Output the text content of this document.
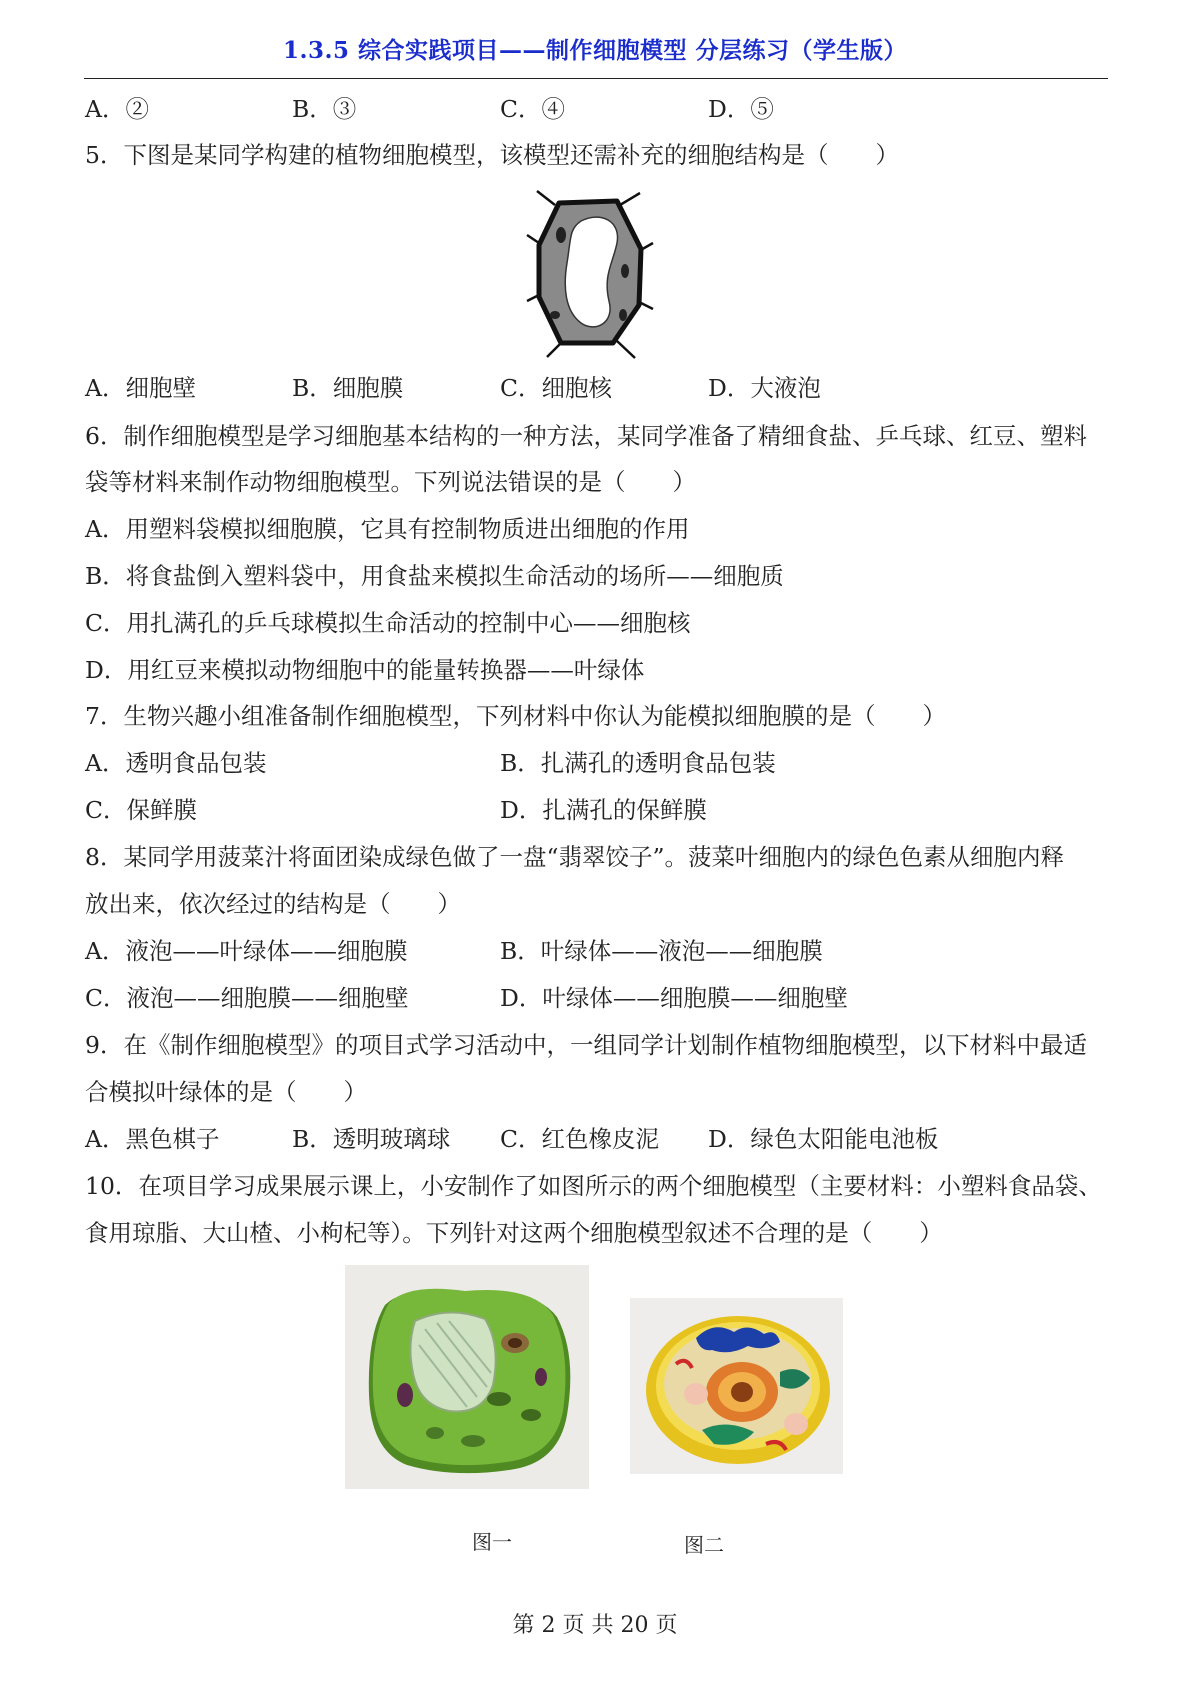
1.3.5 综合实践项目——制作细胞模型 分层练习（学生版）
A．②	B．③	C．④	D．⑤
5．下图是某同学构建的植物细胞模型，该模型还需补充的细胞结构是（　　）
A．细胞壁	B．细胞膜	C．细胞核	D．大液泡
6．制作细胞模型是学习细胞基本结构的一种方法，某同学准备了精细食盐、乒乓球、红豆、塑料
袋等材料来制作动物细胞模型。下列说法错误的是（　　）
A．用塑料袋模拟细胞膜，它具有控制物质进出细胞的作用
B．将食盐倒入塑料袋中，用食盐来模拟生命活动的场所——细胞质
C．用扎满孔的乒乓球模拟生命活动的控制中心——细胞核
D．用红豆来模拟动物细胞中的能量转换器——叶绿体
7．生物兴趣小组准备制作细胞模型，下列材料中你认为能模拟细胞膜的是（　　）
A．透明食品包装	B．扎满孔的透明食品包装
C．保鲜膜	D．扎满孔的保鲜膜
8．某同学用菠菜汁将面团染成绿色做了一盘“翡翠饺子”。菠菜叶细胞内的绿色色素从细胞内释
放出来，依次经过的结构是（　　）
A．液泡——叶绿体——细胞膜	B．叶绿体——液泡——细胞膜
C．液泡——细胞膜——细胞壁	D．叶绿体——细胞膜——细胞壁
9．在《制作细胞模型》的项目式学习活动中，一组同学计划制作植物细胞模型，以下材料中最适
合模拟叶绿体的是（　　）
A．黑色棋子	B．透明玻璃球 C．红色橡皮泥 D．绿色太阳能电池板
10．在项目学习成果展示课上，小安制作了如图所示的两个细胞模型（主要材料：小塑料食品袋、
食用琼脂、大山楂、小枸杞等）。下列针对这两个细胞模型叙述不合理的是（　　）
图一	图二
第 2 页 共 20 页
